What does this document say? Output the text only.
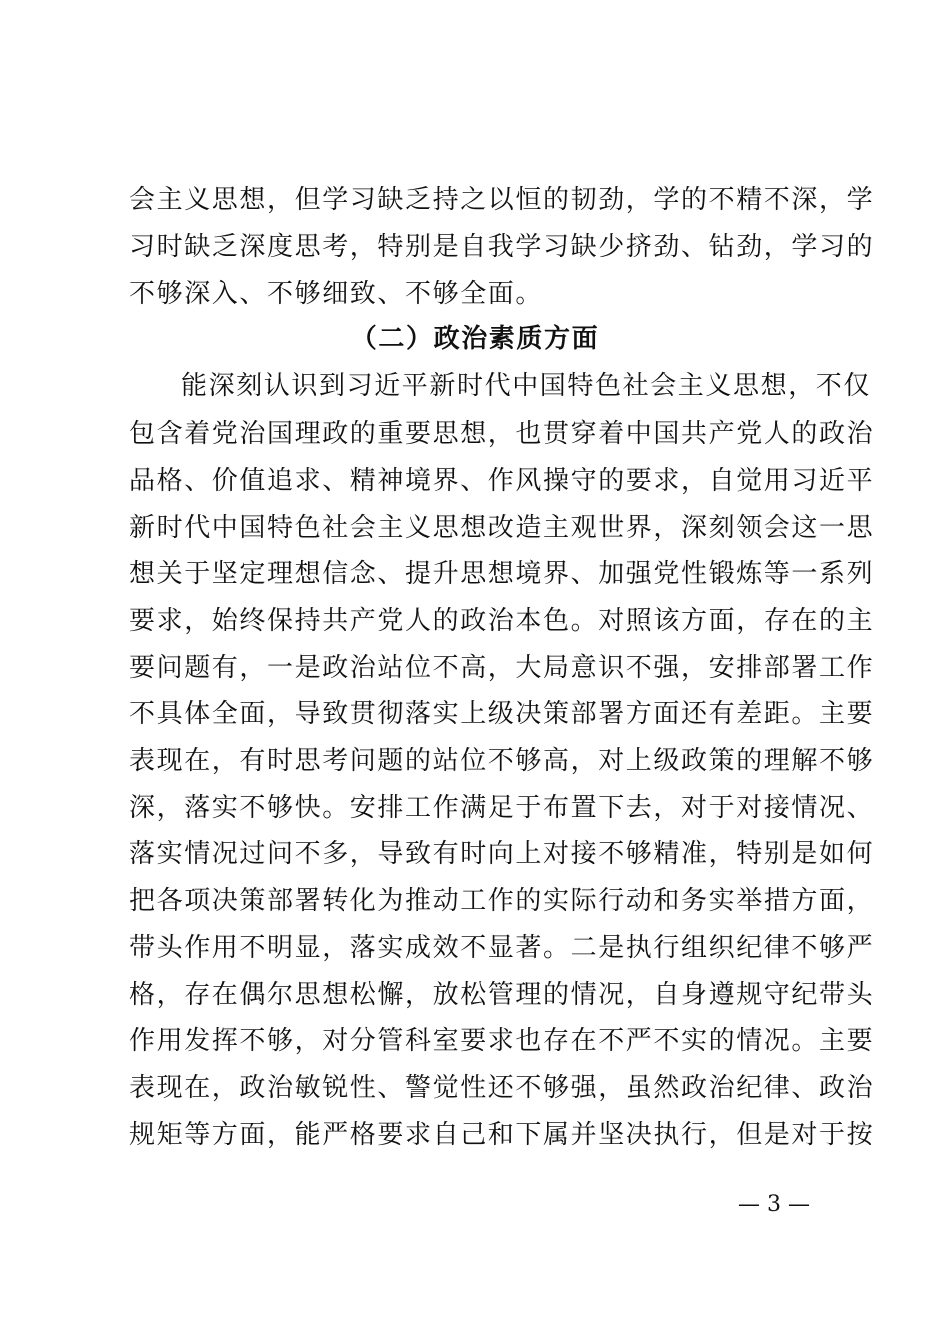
会主义思想，但学习缺乏持之以恒的韧劲，学的不精不深，学
习时缺乏深度思考，特别是自我学习缺少挤劲、钻劲，学习的
不够深入、不够细致、不够全面。
（二）政治素质方面
能深刻认识到习近平新时代中国特色社会主义思想，不仅
包含着党治国理政的重要思想，也贯穿着中国共产党人的政治
品格、价值追求、精神境界、作风操守的要求，自觉用习近平
新时代中国特色社会主义思想改造主观世界，深刻领会这一思
想关于坚定理想信念、提升思想境界、加强党性锻炼等一系列
要求，始终保持共产党人的政治本色。对照该方面，存在的主
要问题有，一是政治站位不高，大局意识不强，安排部署工作
不具体全面，导致贯彻落实上级决策部署方面还有差距。主要
表现在，有时思考问题的站位不够高，对上级政策的理解不够
深，落实不够快。安排工作满足于布置下去，对于对接情况、
落实情况过问不多，导致有时向上对接不够精准，特别是如何
把各项决策部署转化为推动工作的实际行动和务实举措方面，
带头作用不明显，落实成效不显著。二是执行组织纪律不够严
格，存在偶尔思想松懈，放松管理的情况，自身遵规守纪带头
作用发挥不够，对分管科室要求也存在不严不实的情况。主要
表现在，政治敏锐性、警觉性还不够强，虽然政治纪律、政治
规矩等方面，能严格要求自己和下属并坚决执行，但是对于按
— 3 —
